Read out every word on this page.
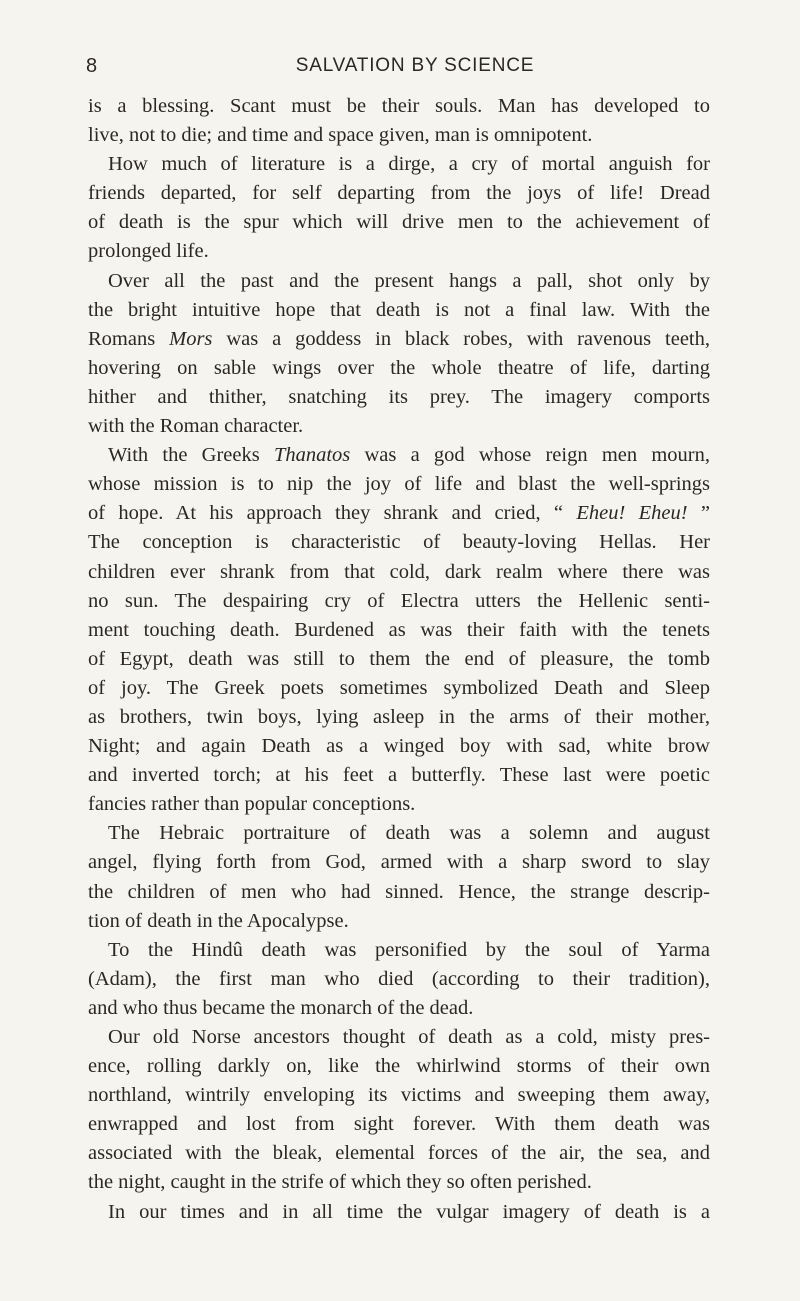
8	SALVATION BY SCIENCE
is a blessing. Scant must be their souls. Man has developed to
live, not to die; and time and space given, man is omnipotent.
How much of literature is a dirge, a cry of mortal anguish for
friends departed, for self departing from the joys of life! Dread
of death is the spur which will drive men to the achievement of
prolonged life.
Over all the past and the present hangs a pall, shot only by
the bright intuitive hope that death is not a final law. With the
Romans Mors was a goddess in black robes, with ravenous teeth,
hovering on sable wings over the whole theatre of life, darting
hither and thither, snatching its prey. The imagery comports
with the Roman character.
With the Greeks Thanatos was a god whose reign men mourn,
whose mission is to nip the joy of life and blast the well-springs
of hope. At his approach they shrank and cried, “ Eheu! Eheu! ”
The conception is characteristic of beauty-loving Hellas. Her
children ever shrank from that cold, dark realm where there was
no sun. The despairing cry of Electra utters the Hellenic senti-
ment touching death. Burdened as was their faith with the tenets
of Egypt, death was still to them the end of pleasure, the tomb
of joy. The Greek poets sometimes symbolized Death and Sleep
as brothers, twin boys, lying asleep in the arms of their mother,
Night; and again Death as a winged boy with sad, white brow
and inverted torch; at his feet a butterfly. These last were poetic
fancies rather than popular conceptions.
The Hebraic portraiture of death was a solemn and august
angel, flying forth from God, armed with a sharp sword to slay
the children of men who had sinned. Hence, the strange descrip-
tion of death in the Apocalypse.
To the Hindû death was personified by the soul of Yarma
(Adam), the first man who died (according to their tradition),
and who thus became the monarch of the dead.
Our old Norse ancestors thought of death as a cold, misty pres-
ence, rolling darkly on, like the whirlwind storms of their own
northland, wintrily enveloping its victims and sweeping them away,
enwrapped and lost from sight forever. With them death was
associated with the bleak, elemental forces of the air, the sea, and
the night, caught in the strife of which they so often perished.
In our times and in all time the vulgar imagery of death is a
